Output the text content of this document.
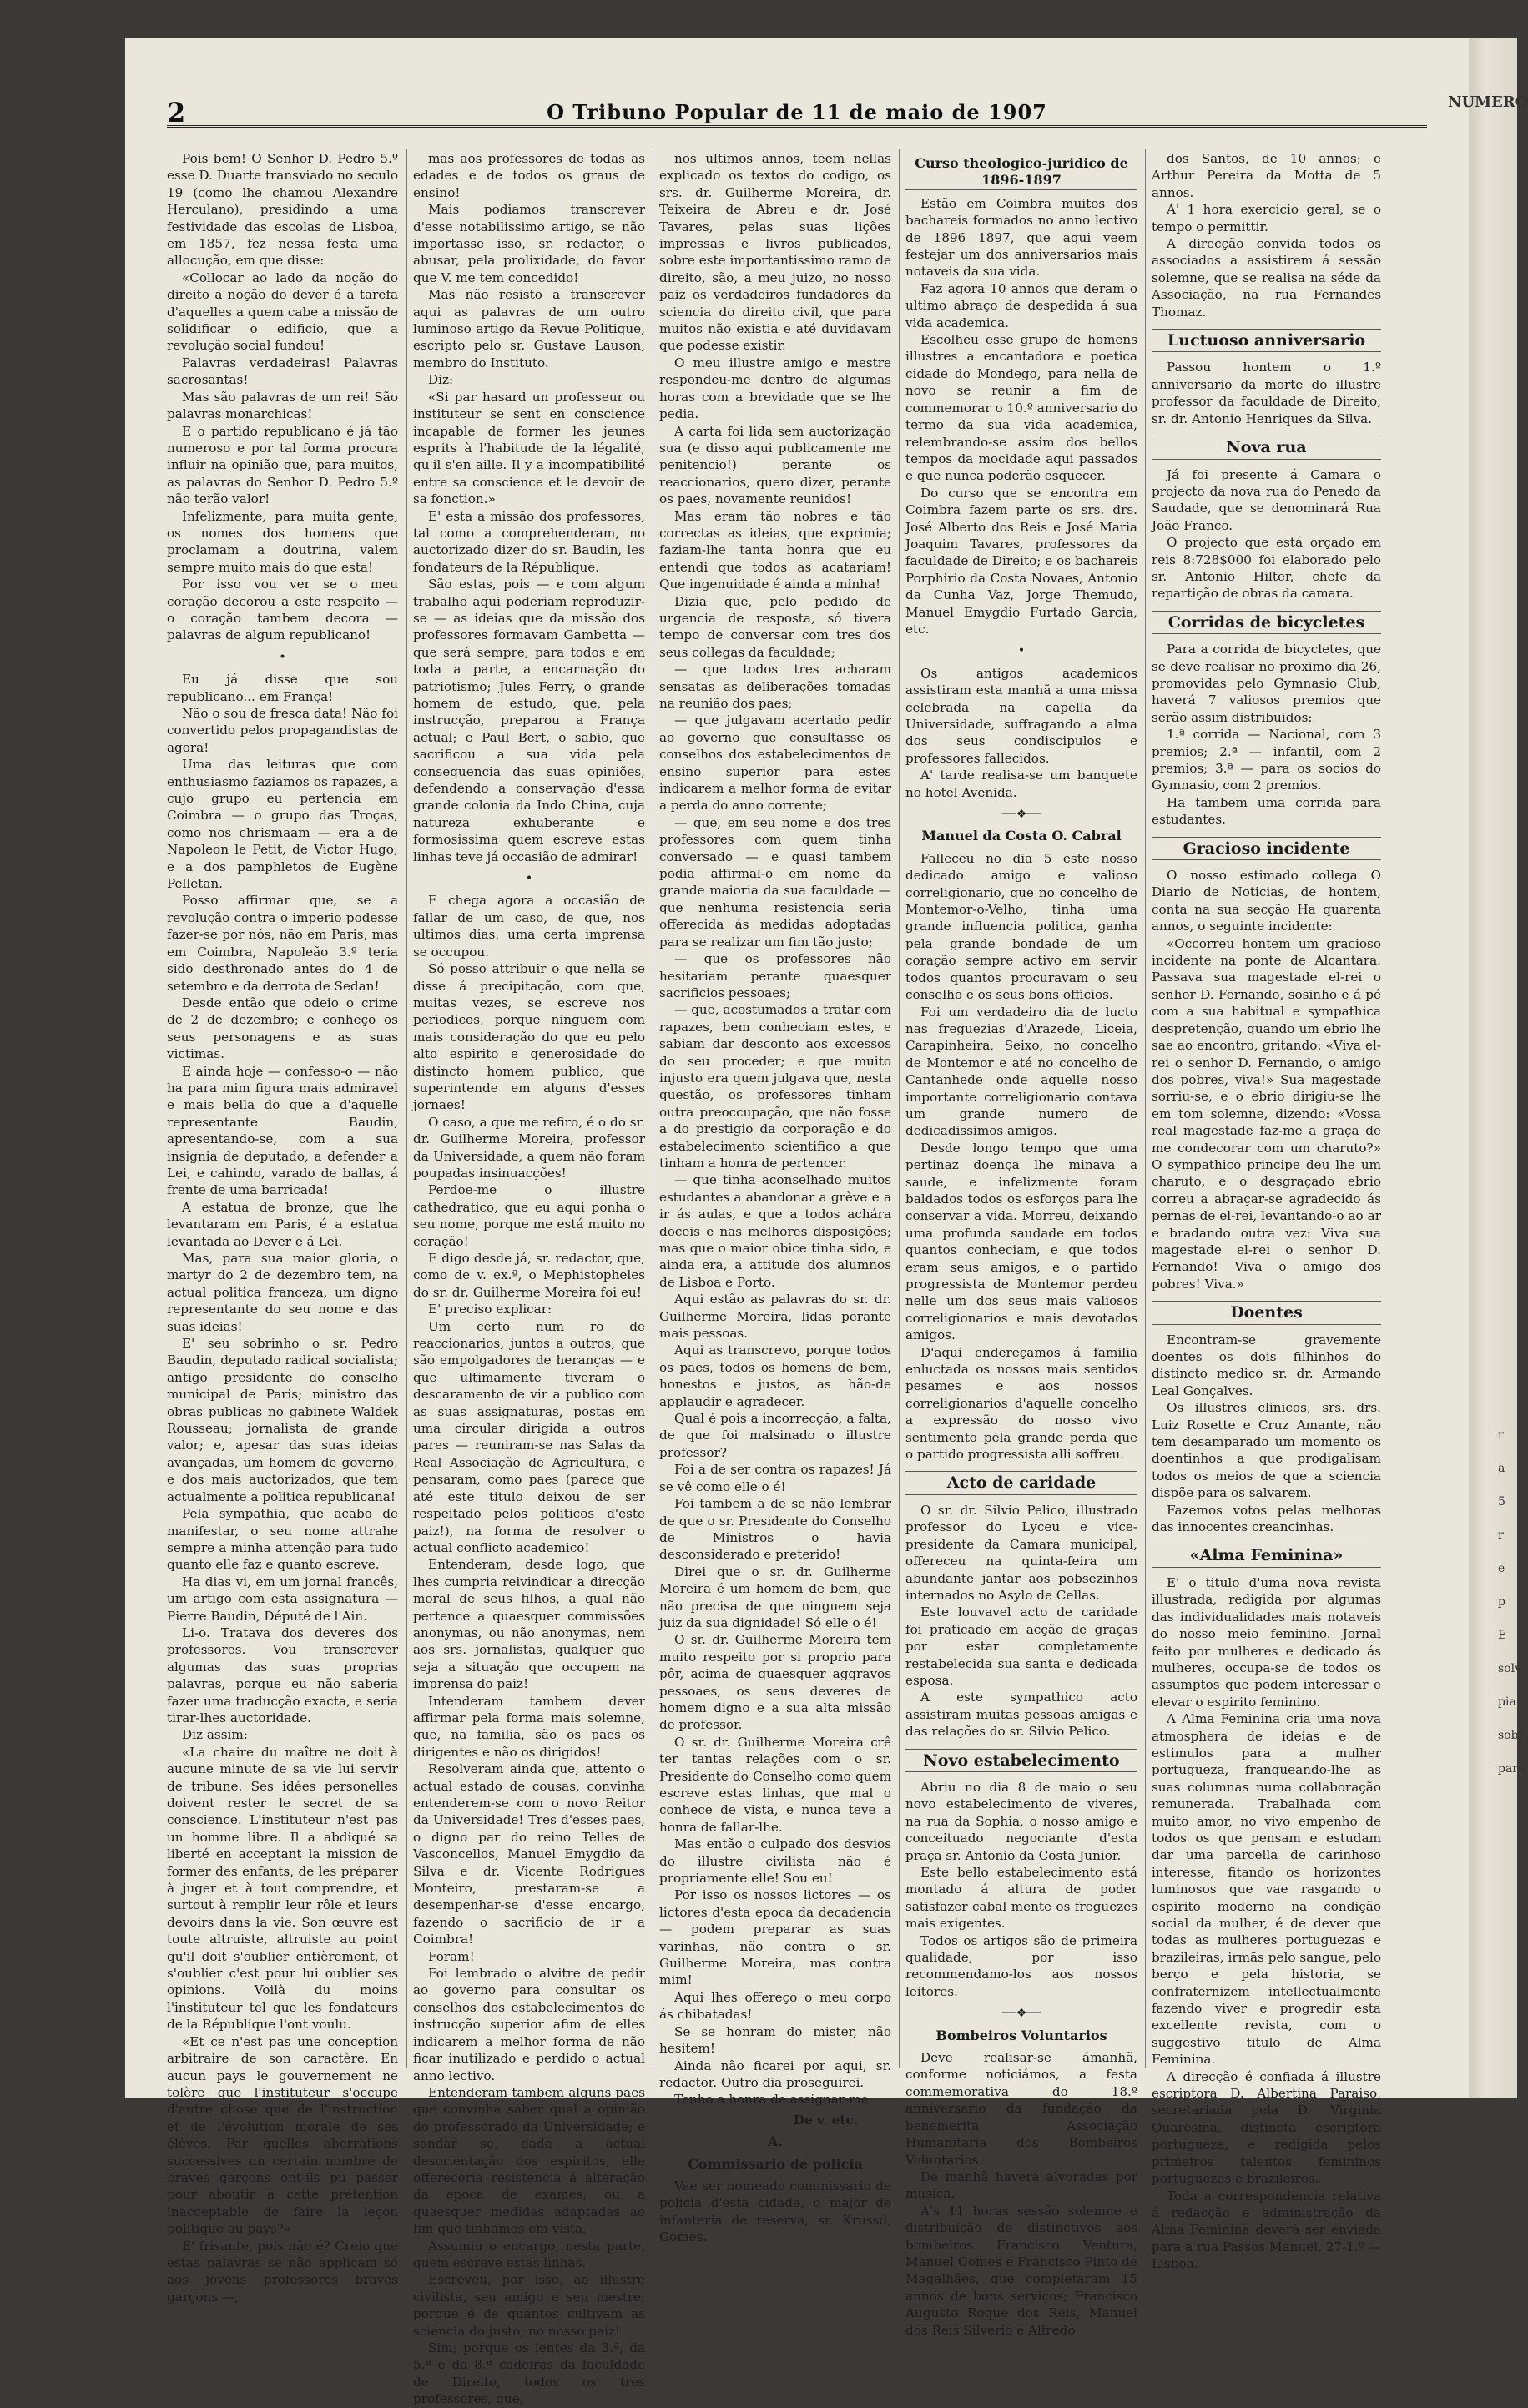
2	O Tribuno Popular de 11 de maio de 1907

Pois bem! O Senhor D. Pedro 5.º esse D. Duarte transviado no seculo 19 (como lhe chamou Alexandre Herculano), presidindo a uma festividade das escolas de Lisboa, em 1857, fez nessa festa uma allocução, em que disse:

«Collocar ao lado da noção do direito a noção do dever é a tarefa d'aquelles a quem cabe a missão de solidificar o edificio, que a revolução social fundou!

Palavras verdadeiras! Palavras sacrosantas!

Mas são palavras de um rei! São palavras monarchicas!

E o partido republicano é já tão numeroso e por tal forma procura influir na opinião que, para muitos, as palavras do Senhor D. Pedro 5.º não terão valor!

Infelizmente, para muita gente, os nomes dos homens que proclamam a doutrina, valem sempre muito mais do que esta!

Por isso vou ver se o meu coração decorou a este respeito — o coração tambem decora — palavras de algum republicano!

•

Eu já disse que sou republicano... em França!

Não o sou de fresca data! Não foi convertido pelos propagandistas de agora!

Uma das leituras que com enthusiasmo faziamos os rapazes, a cujo grupo eu pertencia em Coimbra — o grupo das Troças, como nos chrismaam — era a de Napoleon le Petit, de Victor Hugo; e a dos pamphletos de Eugène Pelletan.

Posso affirmar que, se a revolução contra o imperio podesse fazer-se por nós, não em Paris, mas em Coimbra, Napoleão 3.º teria sido desthronado antes do 4 de setembro e da derrota de Sedan!

Desde então que odeio o crime de 2 de dezembro; e conheço os seus personagens e as suas victimas.

E ainda hoje — confesso-o — não ha para mim figura mais admiravel e mais bella do que a d'aquelle representante Baudin, apresentando-se, com a sua insignia de deputado, a defender a Lei, e cahindo, varado de ballas, á frente de uma barricada!

A estatua de bronze, que lhe levantaram em Paris, é a estatua levantada ao Dever e á Lei.

Mas, para sua maior gloria, o martyr do 2 de dezembro tem, na actual politica franceza, um digno representante do seu nome e das suas ideias!

E' seu sobrinho o sr. Pedro Baudin, deputado radical socialista; antigo presidente do conselho municipal de Paris; ministro das obras publicas no gabinete Waldek Rousseau; jornalista de grande valor; e, apesar das suas ideias avançadas, um homem de governo, e dos mais auctorizados, que tem actualmente a politica republicana!

Pela sympathia, que acabo de manifestar, o seu nome attrahe sempre a minha attenção para tudo quanto elle faz e quanto escreve.

Ha dias vi, em um jornal francês, um artigo com esta assignatura — Pierre Baudin, Député de l'Ain.

Li-o. Tratava dos deveres dos professores. Vou transcrever algumas das suas proprias palavras, porque eu não saberia fazer uma traducção exacta, e seria tirar-lhes auctoridade.

Diz assim:

«La chaire du maître ne doit à aucune minute de sa vie lui servir de tribune. Ses idées personelles doivent rester le secret de sa conscience. L'instituteur n'est pas un homme libre. Il a abdiqué sa liberté en acceptant la mission de former des enfants, de les préparer à juger et à tout comprendre, et surtout à remplir leur rôle et leurs devoirs dans la vie. Son œuvre est toute altruiste, altruiste au point qu'il doit s'oublier entièrement, et s'oublier c'est pour lui oublier ses opinions. Voilà du moins l'instituteur tel que les fondateurs de la République l'ont voulu.

«Et ce n'est pas une conception arbitraire de son caractère. En aucun pays le gouvernement ne tolère que l'instituteur s'occupe d'autre chose que de l'instruction et de l'évolution morale de ses élèves. Par quelles aberrations successives un certain nombre de braves garçons ont-ils pu passer pour aboutir à cette prétention inacceptable de faire la leçon politique au pays?»

E' frisante, pois não é? Creio que estas palavras se não applicam só aos jovens professores braves garçons —,

mas aos professores de todas as edades e de todos os graus de ensino!

Mais podiamos transcrever d'esse notabilissimo artigo, se não importasse isso, sr. redactor, o abusar, pela prolixidade, do favor que V. me tem concedido!

Mas não resisto a transcrever aqui as palavras de um outro luminoso artigo da Revue Politique, escripto pelo sr. Gustave Lauson, membro do Instituto.

Diz:

«Si par hasard un professeur ou instituteur se sent en conscience incapable de former les jeunes esprits à l'habitude de la légalité, qu'il s'en aille. Il y a incompatibilité entre sa conscience et le devoir de sa fonction.»

E' esta a missão dos professores, tal como a comprehenderam, no auctorizado dizer do sr. Baudin, les fondateurs de la République.

São estas, pois — e com algum trabalho aqui poderiam reproduzir-se — as ideias que da missão dos professores formavam Gambetta — que será sempre, para todos e em toda a parte, a encarnação do patriotismo; Jules Ferry, o grande homem de estudo, que, pela instrucção, preparou a França actual; e Paul Bert, o sabio, que sacrificou a sua vida pela consequencia das suas opiniões, defendendo a conservação d'essa grande colonia da Indo China, cuja natureza exhuberante e formosissima quem escreve estas linhas teve já occasião de admirar!

•

E chega agora a occasião de fallar de um caso, de que, nos ultimos dias, uma certa imprensa se occupou.

Só posso attribuir o que nella se disse á precipitação, com que, muitas vezes, se escreve nos periodicos, porque ninguem com mais consideração do que eu pelo alto espirito e generosidade do distincto homem publico, que superintende em alguns d'esses jornaes!

O caso, a que me refiro, é o do sr. dr. Guilherme Moreira, professor da Universidade, a quem não foram poupadas insinuacções!

Perdoe-me o illustre cathedratico, que eu aqui ponha o seu nome, porque me está muito no coração!

E digo desde já, sr. redactor, que, como de v. ex.ª, o Mephistopheles do sr. dr. Guilherme Moreira foi eu!

E' preciso explicar:

Um certo num ro de reaccionarios, juntos a outros, que são empolgadores de heranças — e que ultimamente tiveram o descaramento de vir a publico com as suas assignaturas, postas em uma circular dirigida a outros pares — reuniram-se nas Salas da Real Associação de Agricultura, e pensaram, como paes (parece que até este titulo deixou de ser respeitado pelos politicos d'este paiz!), na forma de resolver o actual conflicto academico!

Entenderam, desde logo, que lhes cumpria reivindicar a direcção moral de seus filhos, a qual não pertence a quaesquer commissões anonymas, ou não anonymas, nem aos srs. jornalistas, qualquer que seja a situação que occupem na imprensa do paiz!

Intenderam tambem dever affirmar pela forma mais solemne, que, na familia, são os paes os dirigentes e não os dirigidos!

Resolveram ainda que, attento o actual estado de cousas, convinha entenderem-se com o novo Reitor da Universidade! Tres d'esses paes, o digno par do reino Telles de Vasconcellos, Manuel Emygdio da Silva e dr. Vicente Rodrigues Monteiro, prestaram-se a desempenhar-se d'esse encargo, fazendo o sacrificio de ir a Coimbra!

Foram!

Foi lembrado o alvitre de pedir ao governo para consultar os conselhos dos estabelecimentos de instrucção superior afim de elles indicarem a melhor forma de não ficar inutilizado e perdido o actual anno lectivo.

Entenderam tambem alguns paes que convinha saber qual a opinião do professorado da Universidade; e sondar se, dada a actual desorientação dos espiritos, elle offereceria resistencia á alteração da epoca de exames, ou a quaesquer medidas adaptadas ao fim que tinhamos em vista.

Assumiu o encargo, nesta parte, quem escreve estas linhas.

Escreveu, por isso, ao illustre civilista, seu amigo e seu mestre, porque é de quantos cultivam as sciencia do justo, no nosso paiz!

Sim; porque os lentes da 3.ª, da 5.ª e da 8.ª cadeiras da faculdade de Direito, todos os tres professores, que,

nos ultimos annos, teem nellas explicado os textos do codigo, os srs. dr. Guilherme Moreira, dr. Teixeira de Abreu e dr. José Tavares, pelas suas lições impressas e livros publicados, sobre este importantissimo ramo de direito, são, a meu juizo, no nosso paiz os verdadeiros fundadores da sciencia do direito civil, que para muitos não existia e até duvidavam que podesse existir.

O meu illustre amigo e mestre respondeu-me dentro de algumas horas com a brevidade que se lhe pedia.

A carta foi lida sem auctorização sua (e disso aqui publicamente me penitencio!) perante os reaccionarios, quero dizer, perante os paes, novamente reunidos!

Mas eram tão nobres e tão correctas as ideias, que exprimia; faziam-lhe tanta honra que eu entendi que todos as acatariam! Que ingenuidade é ainda a minha!

Dizia que, pelo pedido de urgencia de resposta, só tivera tempo de conversar com tres dos seus collegas da faculdade;

— que todos tres acharam sensatas as deliberações tomadas na reunião dos paes;

— que julgavam acertado pedir ao governo que consultasse os conselhos dos estabelecimentos de ensino superior para estes indicarem a melhor forma de evitar a perda do anno corrente;

— que, em seu nome e dos tres professores com quem tinha conversado — e quasi tambem podia affirmal-o em nome da grande maioria da sua faculdade — que nenhuma resistencia seria offerecida ás medidas adoptadas para se realizar um fim tão justo;

— que os professores não hesitariam perante quaesquer sacrificios pessoaes;

— que, acostumados a tratar com rapazes, bem conheciam estes, e sabiam dar desconto aos excessos do seu proceder; e que muito injusto era quem julgava que, nesta questão, os professores tinham outra preoccupação, que não fosse a do prestigio da corporação e do estabelecimento scientifico a que tinham a honra de pertencer.

— que tinha aconselhado muitos estudantes a abandonar a grève e a ir ás aulas, e que a todos achára doceis e nas melhores disposições; mas que o maior obice tinha sido, e ainda era, a attitude dos alumnos de Lisboa e Porto.

Aqui estão as palavras do sr. dr. Guilherme Moreira, lidas perante mais pessoas.

Aqui as transcrevo, porque todos os paes, todos os homens de bem, honestos e justos, as hão-de applaudir e agradecer.

Qual é pois a incorrecção, a falta, de que foi malsinado o illustre professor?

Foi a de ser contra os rapazes! Já se vê como elle o é!

Foi tambem a de se não lembrar de que o sr. Presidente do Conselho de Ministros o havia desconsiderado e preterido!

Direi que o sr. dr. Guilherme Moreira é um homem de bem, que não precisa de que ninguem seja juiz da sua dignidade! Só elle o é!

O sr. dr. Guilherme Moreira tem muito respeito por si proprio para pôr, acima de quaesquer aggravos pessoaes, os seus deveres de homem digno e a sua alta missão de professor.

O sr. dr. Guilherme Moreira crê ter tantas relações com o sr. Presidente do Conselho como quem escreve estas linhas, que mal o conhece de vista, e nunca teve a honra de fallar-lhe.

Mas então o culpado dos desvios do illustre civilista não é propriamente elle! Sou eu!

Por isso os nossos lictores — os lictores d'esta epoca da decadencia — podem preparar as suas varinhas, não contra o sr. Guilherme Moreira, mas contra mim!

Aqui lhes offereço o meu corpo ás chibatadas!

Se se honram do mister, não hesitem!

Ainda não ficarei por aqui, sr. redactor. Outro dia proseguirei.

Tenho a honra de assignar-me

De v. etc.
A.
Commissario de policia

Vae ser nomeado commissario de policia d'esta cidade, o major de infanteria de reserva, sr. Krussd, Gomes.

Curso theologico-juridico de 1896-1897

Estão em Coimbra muitos dos bachareis formados no anno lectivo de 1896 1897, que aqui veem festejar um dos anniversarios mais notaveis da sua vida.

Faz agora 10 annos que deram o ultimo abraço de despedida á sua vida academica.

Escolheu esse grupo de homens illustres a encantadora e poetica cidade do Mondego, para nella de novo se reunir a fim de commemorar o 10.º anniversario do termo da sua vida academica, relembrando-se assim dos bellos tempos da mocidade aqui passados e que nunca poderão esquecer.

Do curso que se encontra em Coimbra fazem parte os srs. drs. José Alberto dos Reis e José Maria Joaquim Tavares, professores da faculdade de Direito; e os bachareis Porphirio da Costa Novaes, Antonio da Cunha Vaz, Jorge Themudo, Manuel Emygdio Furtado Garcia, etc.

•

Os antigos academicos assistiram esta manhã a uma missa celebrada na capella da Universidade, suffragando a alma dos seus condiscipulos e professores fallecidos.

A' tarde realisa-se um banquete no hotel Avenida.

──❖──
Manuel da Costa O. Cabral

Falleceu no dia 5 este nosso dedicado amigo e valioso correligionario, que no concelho de Montemor-o-Velho, tinha uma grande influencia politica, ganha pela grande bondade de um coração sempre activo em servir todos quantos procuravam o seu conselho e os seus bons officios.

Foi um verdadeiro dia de lucto nas freguezias d'Arazede, Liceia, Carapinheira, Seixo, no concelho de Montemor e até no concelho de Cantanhede onde aquelle nosso importante correligionario contava um grande numero de dedicadissimos amigos.

Desde longo tempo que uma pertinaz doença lhe minava a saude, e infelizmente foram baldados todos os esforços para lhe conservar a vida. Morreu, deixando uma profunda saudade em todos quantos conheciam, e que todos eram seus amigos, e o partido progressista de Montemor perdeu nelle um dos seus mais valiosos correligionarios e mais devotados amigos.

D'aqui endereçamos á familia enluctada os nossos mais sentidos pesames e aos nossos correligionarios d'aquelle concelho a expressão do nosso vivo sentimento pela grande perda que o partido progressista alli soffreu.

Acto de caridade

O sr. dr. Silvio Pelico, illustrado professor do Lyceu e vice-presidente da Camara municipal, offereceu na quinta-feira um abundante jantar aos pobsezinhos internados no Asylo de Cellas.

Este louvavel acto de caridade foi praticado em acção de graças por estar completamente restabelecida sua santa e dedicada esposa.

A este sympathico acto assistiram muitas pessoas amigas e das relações do sr. Silvio Pelico.

Novo estabelecimento

Abriu no dia 8 de maio o seu novo estabelecimento de viveres, na rua da Sophia, o nosso amigo e conceituado negociante d'esta praça sr. Antonio da Costa Junior.

Este bello estabelecimento está montado á altura de poder satisfazer cabal mente os freguezes mais exigentes.

Todos os artigos são de primeira qualidade, por isso recommendamo-los aos nossos leitores.

──❖──
Bombeiros Voluntarios

Deve realisar-se ámanhã, conforme noticiámos, a festa commemorativa do 18.º anniversario da fundação da benemerita Associação Humanitaria dos Bombeiros Voluntarios.

De manhã haverá alvoradas por musica.

A's 11 horas sessão solemne e distribuição de distinctivos aos bombeiros Francisco Ventura, Manuel Gomes e Francisco Pinto de Magalhães, que completaram 15 annos de bons serviços; Francisco Augusto Roque dos Reis, Manuel dos Reis Silverio e Alfredo

dos Santos, de 10 annos; e Arthur Pereira da Motta de 5 annos.

A' 1 hora exercicio geral, se o tempo o permittir.

A direcção convida todos os associados a assistirem á sessão solemne, que se realisa na séde da Associação, na rua Fernandes Thomaz.

Luctuoso anniversario

Passou hontem o 1.º anniversario da morte do illustre professor da faculdade de Direito, sr. dr. Antonio Henriques da Silva.

Nova rua

Já foi presente á Camara o projecto da nova rua do Penedo da Saudade, que se denominará Rua João Franco.

O projecto que está orçado em reis 8:728$000 foi elaborado pelo sr. Antonio Hilter, chefe da repartição de obras da camara.

Corridas de bicycletes

Para a corrida de bicycletes, que se deve realisar no proximo dia 26, promovidas pelo Gymnasio Club, haverá 7 valiosos premios que serão assim distribuidos:

1.ª corrida — Nacional, com 3 premios; 2.ª — infantil, com 2 premios; 3.ª — para os socios do Gymnasio, com 2 premios.

Ha tambem uma corrida para estudantes.

Gracioso incidente

O nosso estimado collega O Diario de Noticias, de hontem, conta na sua secção Ha quarenta annos, o seguinte incidente:

«Occorreu hontem um gracioso incidente na ponte de Alcantara. Passava sua magestade el-rei o senhor D. Fernando, sosinho e á pé com a sua habitual e sympathica despretenção, quando um ebrio lhe sae ao encontro, gritando: «Viva el-rei o senhor D. Fernando, o amigo dos pobres, viva!» Sua magestade sorriu-se, e o ebrio dirigiu-se lhe em tom solemne, dizendo: «Vossa real magestade faz-me a graça de me condecorar com um charuto?» O sympathico principe deu lhe um charuto, e o desgraçado ebrio correu a abraçar-se agradecido ás pernas de el-rei, levantando-o ao ar e bradando outra vez: Viva sua magestade el-rei o senhor D. Fernando! Viva o amigo dos pobres! Viva.»

Doentes

Encontram-se gravemente doentes os dois filhinhos do distincto medico sr. dr. Armando Leal Gonçalves.

Os illustres clinicos, srs. drs. Luiz Rosette e Cruz Amante, não tem desamparado um momento os doentinhos a que prodigalisam todos os meios de que a sciencia dispõe para os salvarem.

Fazemos votos pelas melhoras das innocentes creancinhas.

«Alma Feminina»

E' o titulo d'uma nova revista illustrada, redigida por algumas das individualidades mais notaveis do nosso meio feminino. Jornal feito por mulheres e dedicado ás mulheres, occupa-se de todos os assumptos que podem interessar e elevar o espirito feminino.

A Alma Feminina cria uma nova atmosphera de ideias e de estimulos para a mulher portugueza, franqueando-lhe as suas columnas numa collaboração remunerada. Trabalhada com muito amor, no vivo empenho de todos os que pensam e estudam dar uma parcella de carinhoso interesse, fitando os horizontes luminosos que vae rasgando o espirito moderno na condição social da mulher, é de dever que todas as mulheres portuguezas e brazileiras, irmãs pelo sangue, pelo berço e pela historia, se confraternizem intellectualmente fazendo viver e progredir esta excellente revista, com o suggestivo titulo de Alma Feminina.

A direcção é confiada á illustre escriptora D. Albertina Paraiso, secretariada pela D. Virginia Quaresma, distincta escriptora portugueza, e redigida pelos primeiros talentos femininos portuguezes e brazileiros.

Toda a correspondencia relativa á redacção e administração da Alma Feminina deverá ser enviada para a rua Passos Manuel, 27-1.º — Lisboa.

NUMERO
r
a
5
r
e
p
E
solv
pia
sobr
para
